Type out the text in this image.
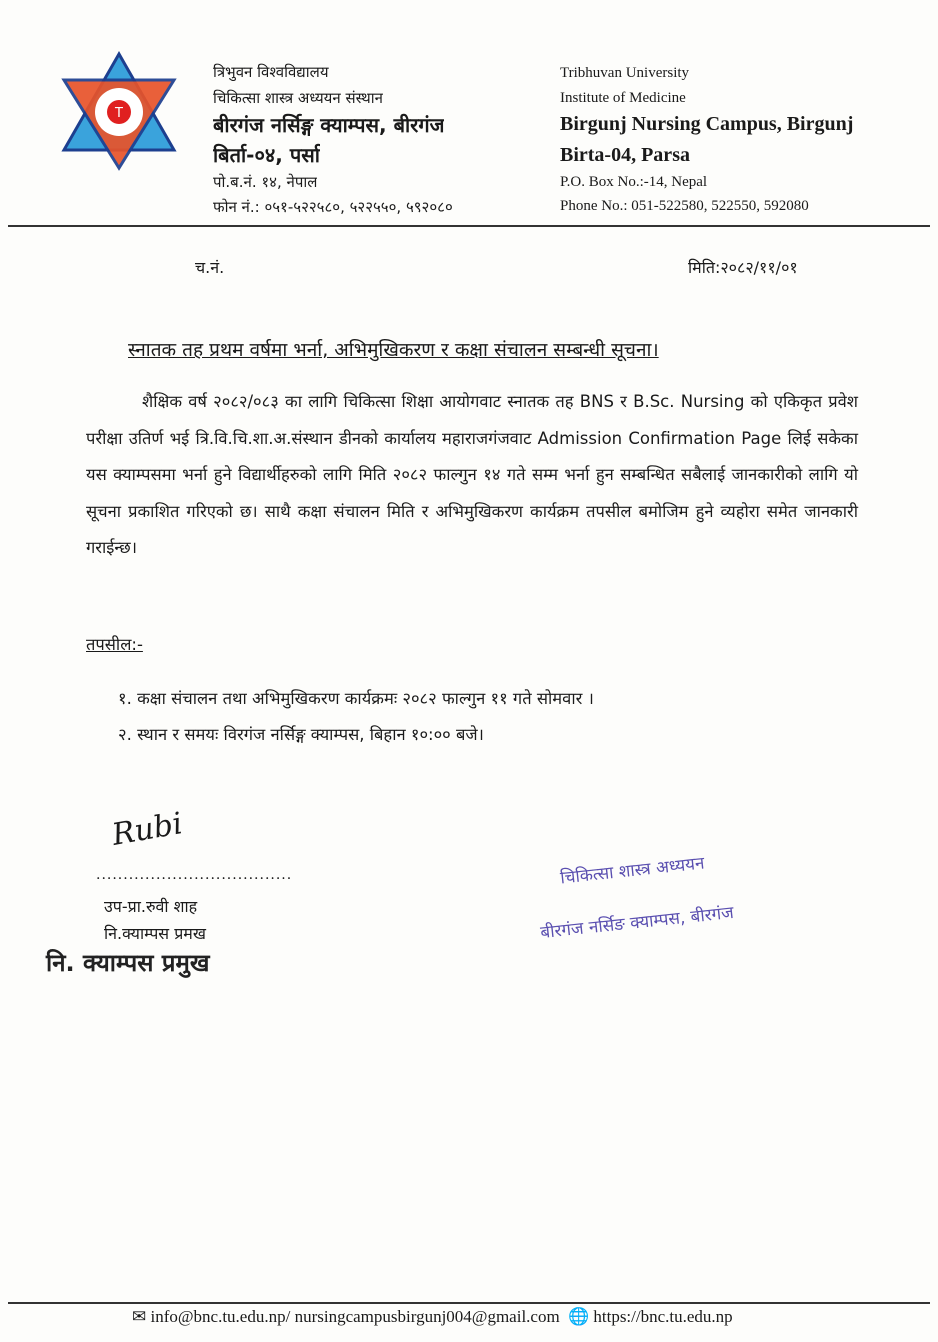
T
त्रिभुवन विश्वविद्यालय
चिकित्सा शास्त्र अध्ययन संस्थान
बीरगंज नर्सिङ्ग क्याम्पस, बीरगंज
बिर्ता-०४, पर्सा
पो.ब.नं. १४, नेपाल
फोन नं.: ०५१-५२२५८०, ५२२५५०, ५९२०८०
Tribhuvan University
Institute of Medicine
Birgunj Nursing Campus, Birgunj
Birta-04, Parsa
P.O. Box No.:-14, Nepal
Phone No.: 051-522580, 522550, 592080
च.नं.	मिति:२०८२/११/०१
स्नातक तह प्रथम वर्षमा भर्ना, अभिमुखिकरण र कक्षा संचालन सम्बन्धी सूचना।
शैक्षिक वर्ष २०८२/०८३ का लागि चिकित्सा शिक्षा आयोगवाट स्नातक तह BNS र B.Sc. Nursing को एकिकृत प्रवेश परीक्षा उतिर्ण भई त्रि.वि.चि.शा.अ.संस्थान डीनको कार्यालय महाराजगंजवाट Admission Confirmation Page लिई सकेका यस क्याम्पसमा भर्ना हुने विद्यार्थीहरुको लागि मिति २०८२ फाल्गुन १४ गते सम्म भर्ना हुन सम्बन्धित सबैलाई जानकारीको लागि यो सूचना प्रकाशित गरिएको छ। साथै कक्षा संचालन मिति र अभिमुखिकरण कार्यक्रम तपसील बमोजिम हुने व्यहोरा समेत जानकारी गराईन्छ।
तपसील:-
१. कक्षा संचालन तथा अभिमुखिकरण कार्यक्रमः २०८२ फाल्गुन ११ गते सोमवार ।
२. स्थान र समयः विरगंज नर्सिङ्ग क्याम्पस, बिहान १०:०० बजे।
Rubi
....................................
उप-प्रा.रुवी शाह
नि.क्याम्पस प्रमख
नि. क्याम्पस प्रमुख
चिकित्सा शास्त्र अध्ययन
बीरगंज नर्सिङ क्याम्पस, बीरगंज
✉ info@bnc.tu.edu.np/ nursingcampusbirgunj004@gmail.com 🌐 https://bnc.tu.edu.np
